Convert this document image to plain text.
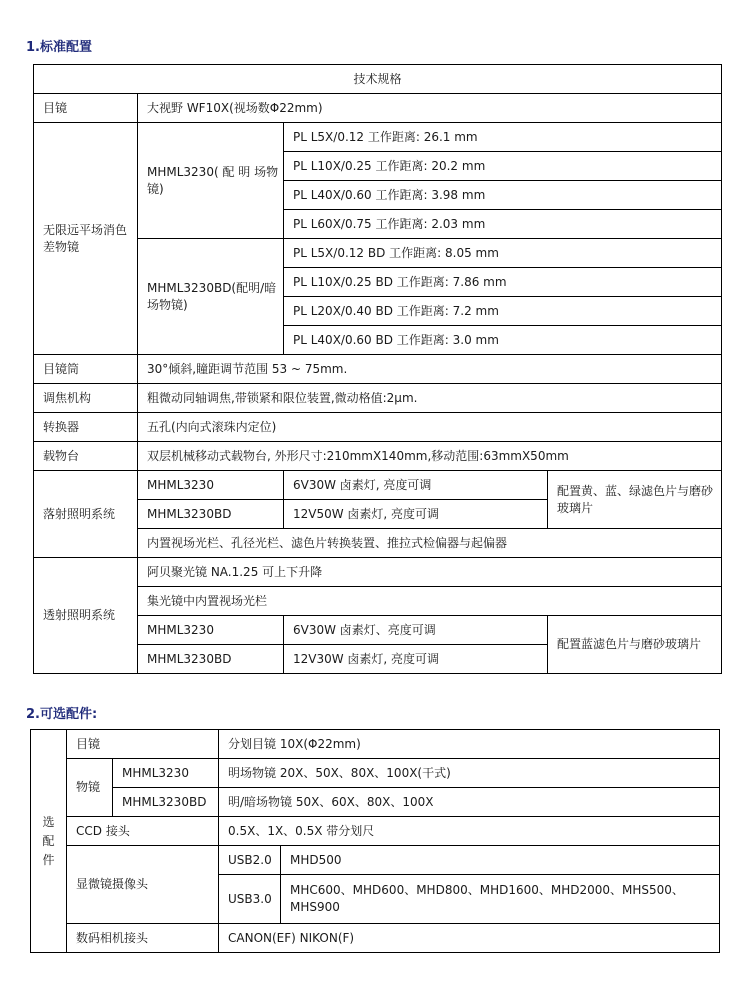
1.标准配置
技术规格			
目镜	大视野 WF10X(视场数Φ22mm)		
无限远平场消色差物镜	MHML3230( 配 明 场物镜)	PL L5X/0.12 工作距离: 26.1 mm	
		PL L10X/0.25 工作距离: 20.2 mm	
		PL L40X/0.60 工作距离: 3.98 mm	
		PL L60X/0.75 工作距离: 2.03 mm	
	MHML3230BD(配明/暗场物镜)	PL L5X/0.12 BD 工作距离: 8.05 mm	
		PL L10X/0.25 BD 工作距离: 7.86 mm	
		PL L20X/0.40 BD 工作距离: 7.2 mm	
		PL L40X/0.60 BD 工作距离: 3.0 mm	
目镜筒	30°倾斜,瞳距调节范围 53 ~ 75mm.		
调焦机构	粗微动同轴调焦,带锁紧和限位装置,微动格值:2μm.		
转换器	五孔(内向式滚珠内定位)		
载物台	双层机械移动式载物台, 外形尺寸:210mmX140mm,移动范围:63mmX50mm		
落射照明系统	MHML3230	6V30W 卤素灯, 亮度可调	配置黄、蓝、绿滤色片与磨砂玻璃片
	MHML3230BD	12V50W 卤素灯, 亮度可调	
	内置视场光栏、孔径光栏、滤色片转换装置、推拉式检偏器与起偏器		
透射照明系统	阿贝聚光镜 NA.1.25 可上下升降		
	集光镜中内置视场光栏		
	MHML3230	6V30W 卤素灯、亮度可调	配置蓝滤色片与磨砂玻璃片
	MHML3230BD	12V30W 卤素灯, 亮度可调	
2.可选配件:
选配件	目镜		分划目镜 10X(Φ22mm)	
	物镜	MHML3230	明场物镜 20X、50X、80X、100X(干式)	
		MHML3230BD	明/暗场物镜 50X、60X、80X、100X	
	CCD 接头		0.5X、1X、0.5X 带分划尺	
	显微镜摄像头		USB2.0	MHD500
			USB3.0	MHC600、MHD600、MHD800、MHD1600、MHD2000、MHS500、MHS900
	数码相机接头		CANON(EF) NIKON(F)	
